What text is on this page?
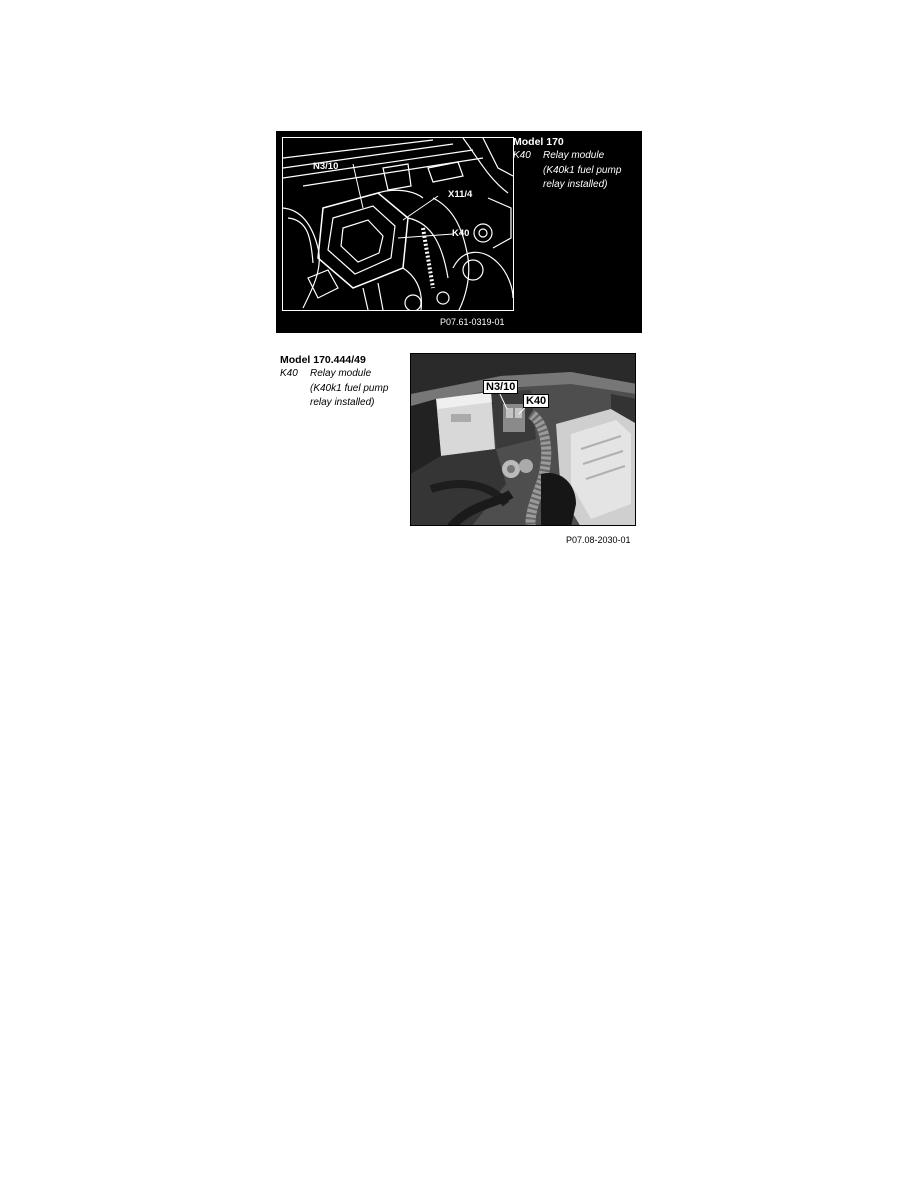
N3/10
X11/4
K40
Model 170
K40	Relay module
(K40k1 fuel pump
relay installed)
P07.61-0319-01
Model 170.444/49
K40	Relay module
(K40k1 fuel pump
relay installed)
N3/10
K40
P07.08-2030-01
